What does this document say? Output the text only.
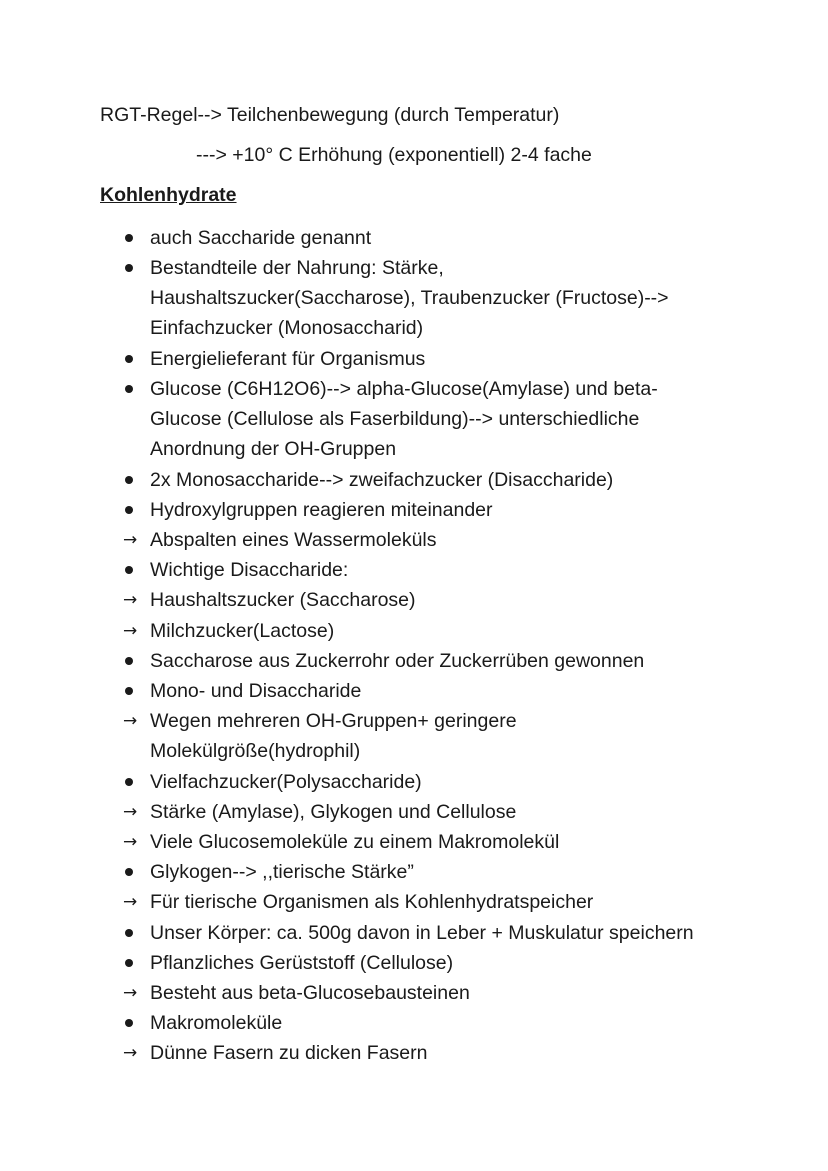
RGT-Regel--> Teilchenbewegung (durch Temperatur)
---> +10° C Erhöhung (exponentiell) 2-4 fache
Kohlenhydrate
auch Saccharide genannt
Bestandteile der Nahrung: Stärke,
Haushaltszucker(Saccharose), Traubenzucker (Fructose)-->
Einfachzucker (Monosaccharid)
Energielieferant für Organismus
Glucose (C6H12O6)--> alpha-Glucose(Amylase) und beta-
Glucose (Cellulose als Faserbildung)--> unterschiedliche
Anordnung der OH-Gruppen
2x Monosaccharide--> zweifachzucker (Disaccharide)
Hydroxylgruppen reagieren miteinander
→ Abspalten eines Wassermoleküls
Wichtige Disaccharide:
→ Haushaltszucker (Saccharose)
→ Milchzucker(Lactose)
Saccharose aus Zuckerrohr oder Zuckerrüben gewonnen
Mono- und Disaccharide
→ Wegen mehreren OH-Gruppen+ geringere
Molekülgröße(hydrophil)
Vielfachzucker(Polysaccharide)
→ Stärke (Amylase), Glykogen und Cellulose
→ Viele Glucosemoleküle zu einem Makromolekül
Glykogen--> ,,tierische Stärke”
→ Für tierische Organismen als Kohlenhydratspeicher
Unser Körper: ca. 500g davon in Leber + Muskulatur speichern
Pflanzliches Gerüststoff (Cellulose)
→ Besteht aus beta-Glucosebausteinen
Makromoleküle
→ Dünne Fasern zu dicken Fasern
